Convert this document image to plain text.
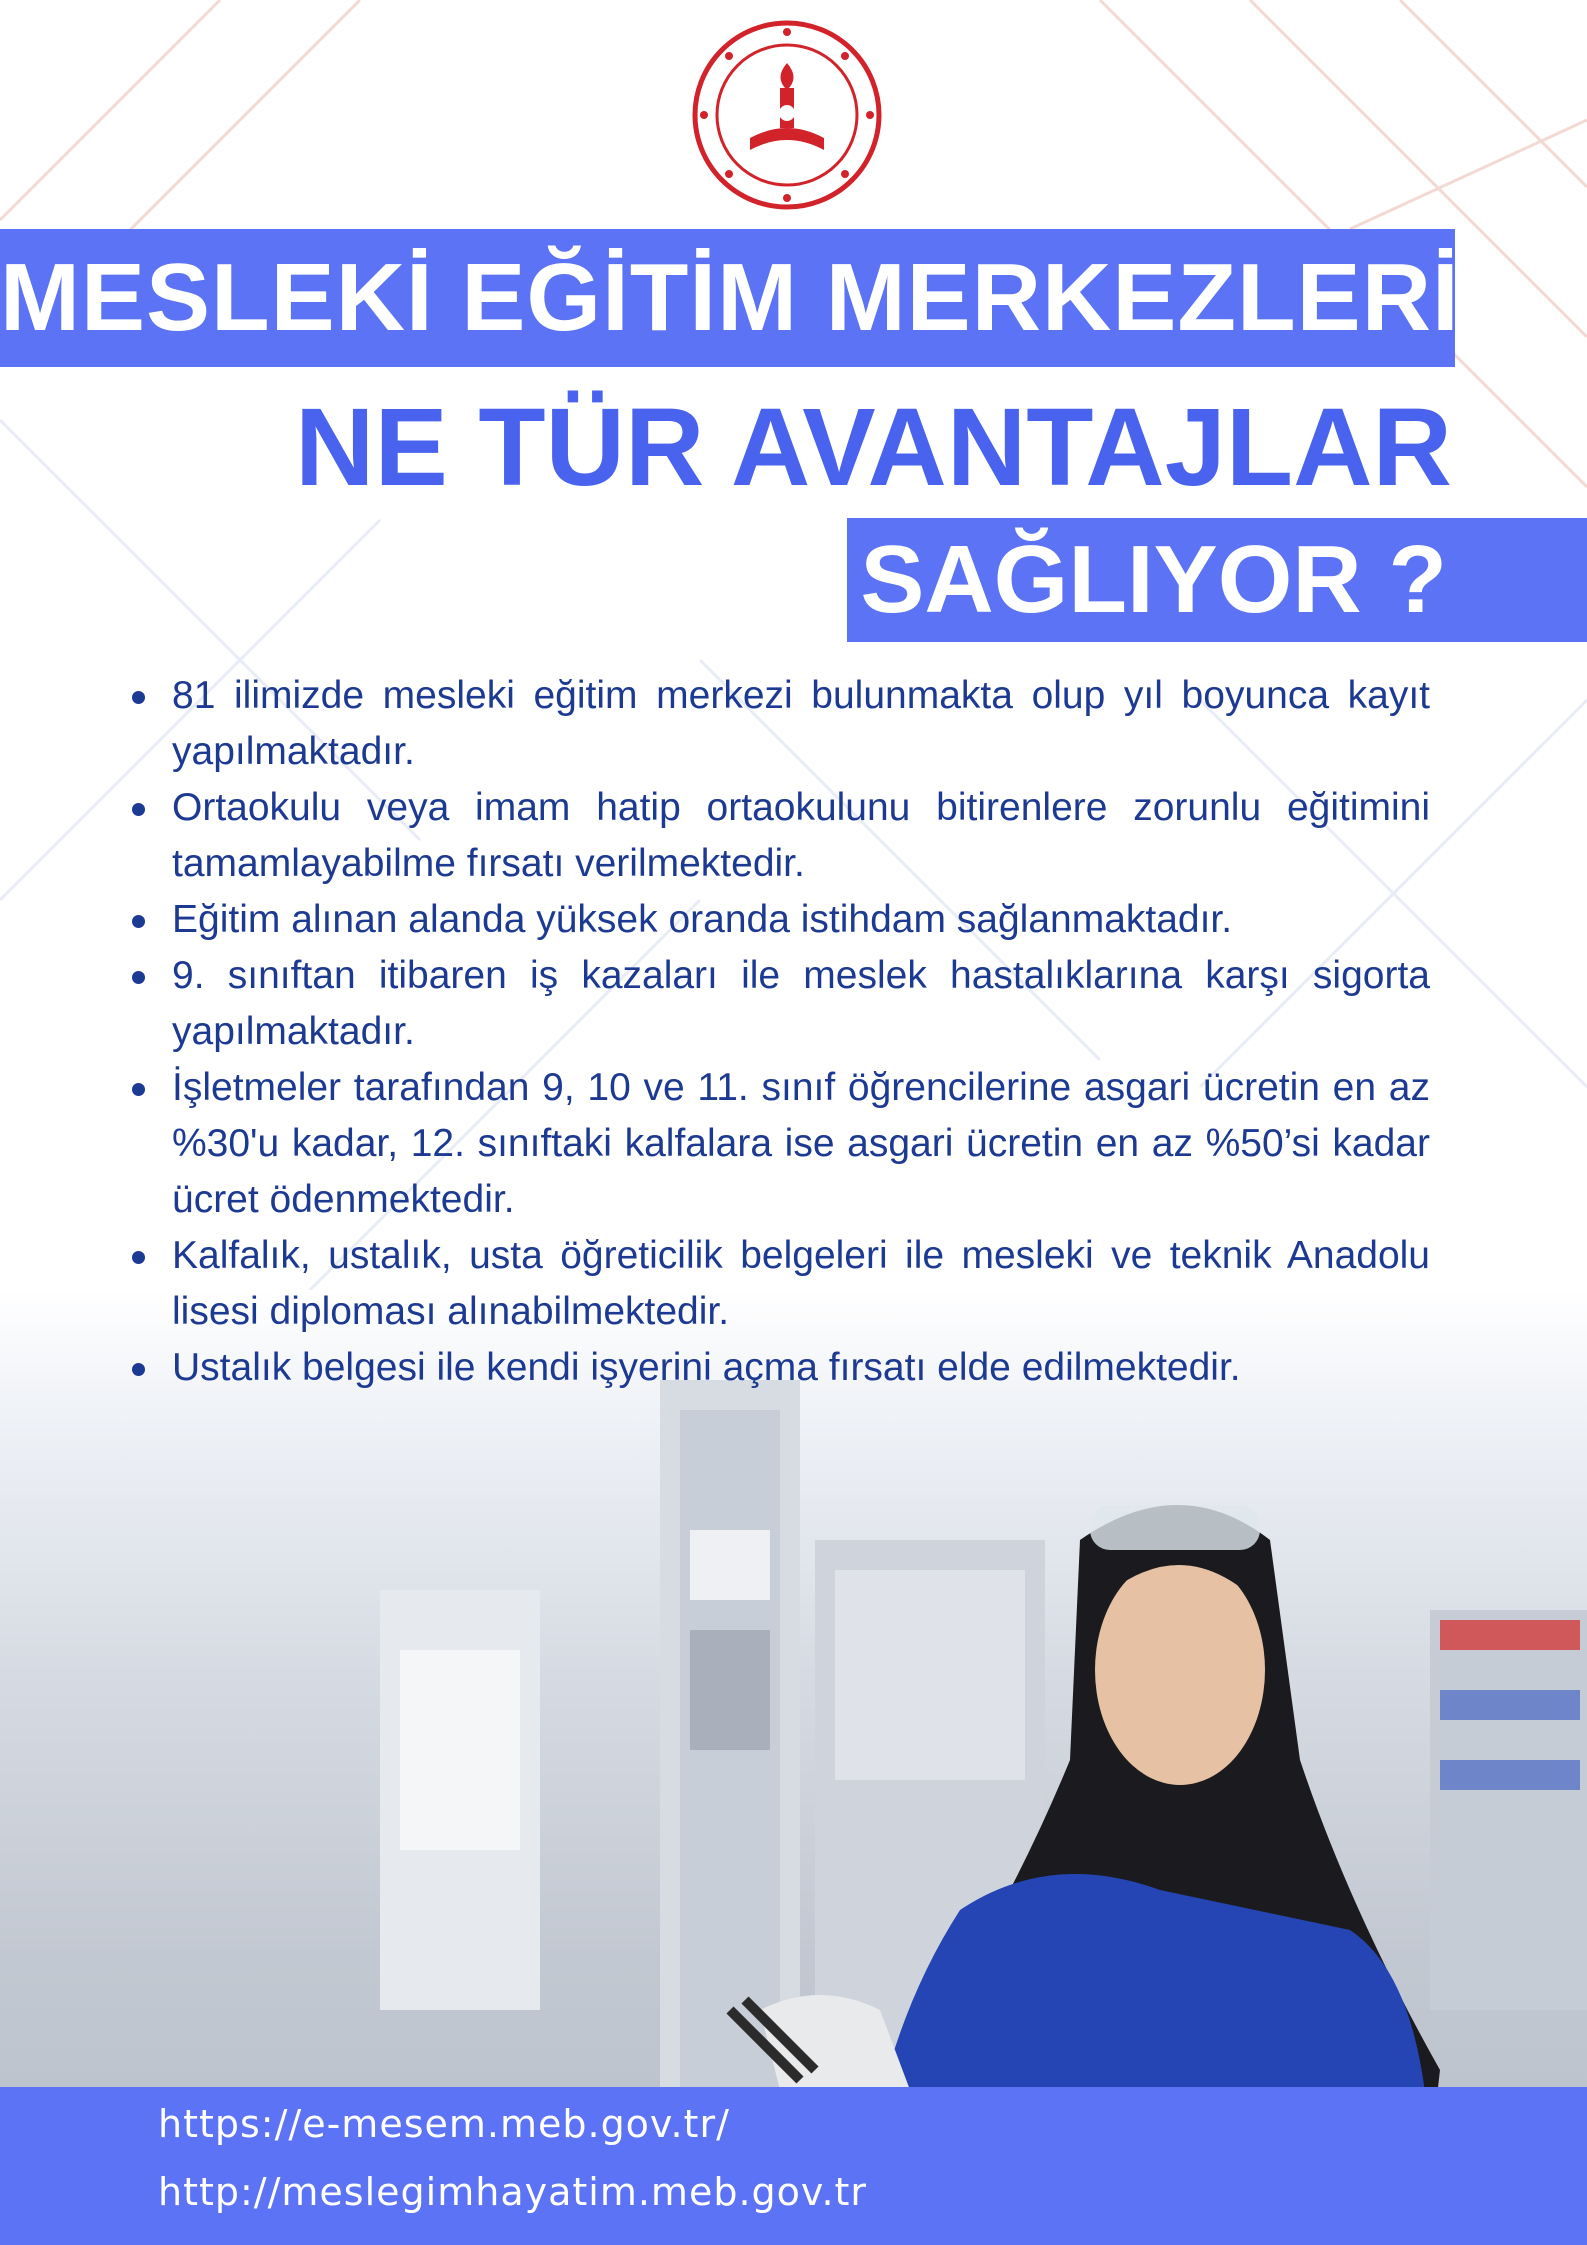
MESLEKİ EĞİTİM MERKEZLERİ
NE TÜR AVANTAJLAR
SAĞLIYOR ?
81 ilimizde mesleki eğitim merkezi bulunmakta olup yıl boyunca kayıt yapılmaktadır.
Ortaokulu veya imam hatip ortaokulunu bitirenlere zorunlu eğitimini tamamlayabilme fırsatı verilmektedir.
Eğitim alınan alanda yüksek oranda istihdam sağlanmaktadır.
9. sınıftan itibaren iş kazaları ile meslek hastalıklarına karşı sigorta yapılmaktadır.
İşletmeler tarafından 9, 10 ve 11. sınıf öğrencilerine asgari ücretin en az %30'u kadar, 12. sınıftaki kalfalara ise asgari ücretin en az %50’si kadar ücret ödenmektedir.
Kalfalık, ustalık, usta öğreticilik belgeleri ile mesleki ve teknik Anadolu lisesi diploması alınabilmektedir.
Ustalık belgesi ile kendi işyerini açma fırsatı elde edilmektedir.
https://e-mesem.meb.gov.tr/
http://meslegimhayatim.meb.gov.tr
